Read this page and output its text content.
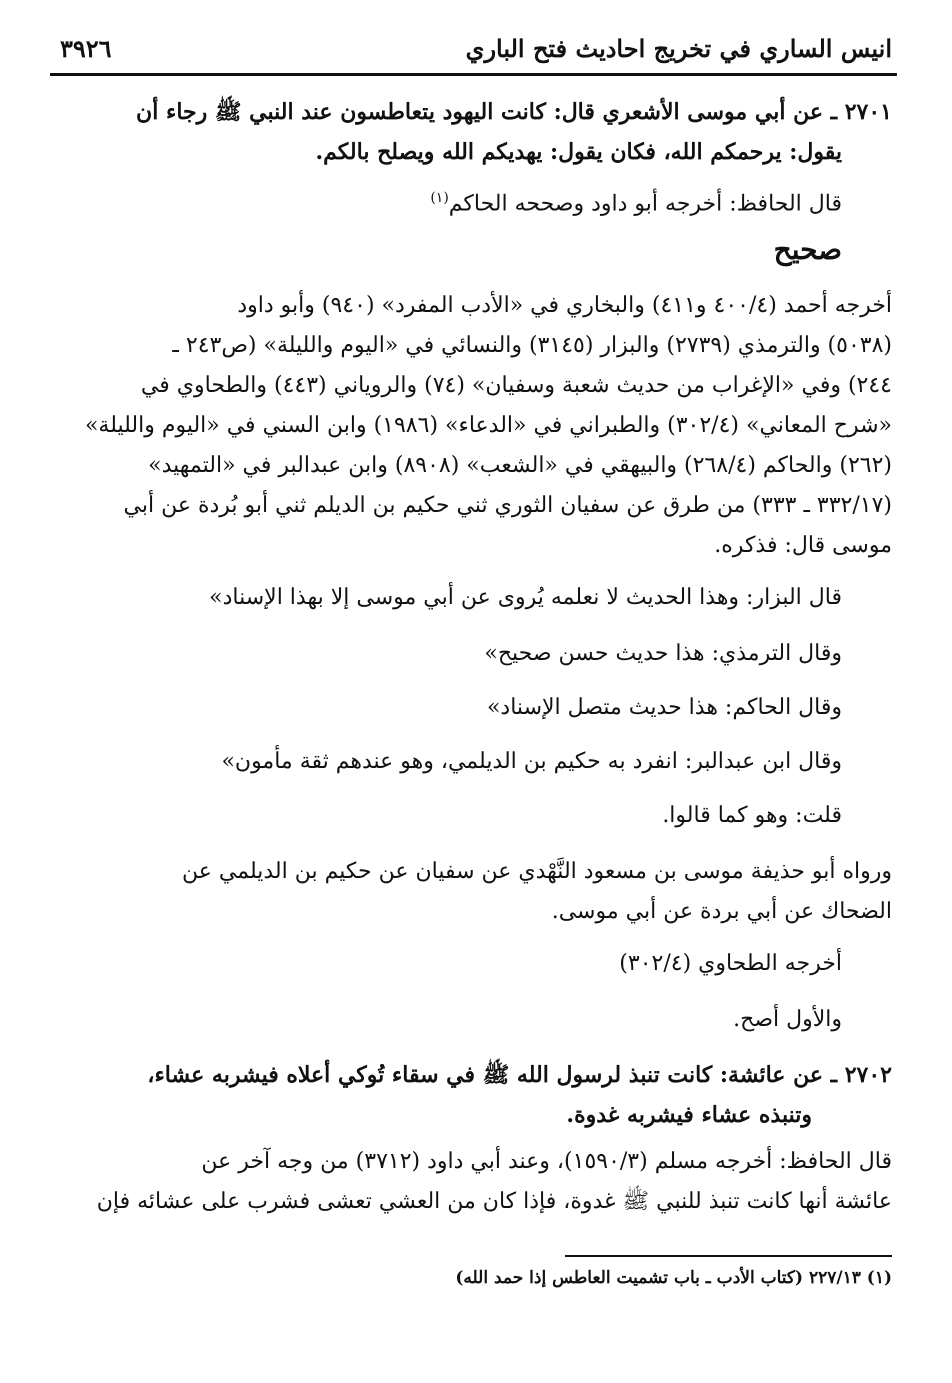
انيس الساري في تخريج احاديث فتح الباري
٣٩٢٦
٢٧٠١ ـ عن أبي موسى الأشعري قال: كانت اليهود يتعاطسون عند النبي ﷺ رجاء أن
يقول: يرحمكم الله، فكان يقول: يهديكم الله ويصلح بالكم.
قال الحافظ: أخرجه أبو داود وصححه الحاكم$^{(١)}$
صحيح
أخرجه أحمد (٤٠٠/٤ و٤١١) والبخاري في «الأدب المفرد» (٩٤٠) وأبو داود
(٥٠٣٨) والترمذي (٢٧٣٩) والبزار (٣١٤٥) والنسائي في «اليوم والليلة» (ص٢٤٣ ـ
٢٤٤) وفي «الإغراب من حديث شعبة وسفيان» (٧٤) والروياني (٤٤٣) والطحاوي في
«شرح المعاني» (٣٠٢/٤) والطبراني في «الدعاء» (١٩٨٦) وابن السني في «اليوم والليلة»
(٢٦٢) والحاكم (٢٦٨/٤) والبيهقي في «الشعب» (٨٩٠٨) وابن عبدالبر في «التمهيد»
(٣٣٢/١٧ ـ ٣٣٣) من طرق عن سفيان الثوري ثني حكيم بن الديلم ثني أبو بُردة عن أبي
موسى قال: فذكره.
قال البزار: وهذا الحديث لا نعلمه يُروى عن أبي موسى إلا بهذا الإسناد»
وقال الترمذي: هذا حديث حسن صحيح»
وقال الحاكم: هذا حديث متصل الإسناد»
وقال ابن عبدالبر: انفرد به حكيم بن الديلمي، وهو عندهم ثقة مأمون»
قلت: وهو كما قالوا.
ورواه أبو حذيفة موسى بن مسعود النَّهْدي عن سفيان عن حكيم بن الديلمي عن
الضحاك عن أبي بردة عن أبي موسى.
أخرجه الطحاوي (٣٠٢/٤)
والأول أصح.
٢٧٠٢ ـ عن عائشة: كانت تنبذ لرسول الله ﷺ في سقاء تُوكي أعلاه فيشربه عشاء،
وتنبذه عشاء فيشربه غدوة.
قال الحافظ: أخرجه مسلم (١٥٩٠/٣)، وعند أبي داود (٣٧١٢) من وجه آخر عن
عائشة أنها كانت تنبذ للنبي ﷺ غدوة، فإذا كان من العشي تعشى فشرب على عشائه فإن
(١) ٢٢٧/١٣ (كتاب الأدب ـ باب تشميت العاطس إذا حمد الله)
